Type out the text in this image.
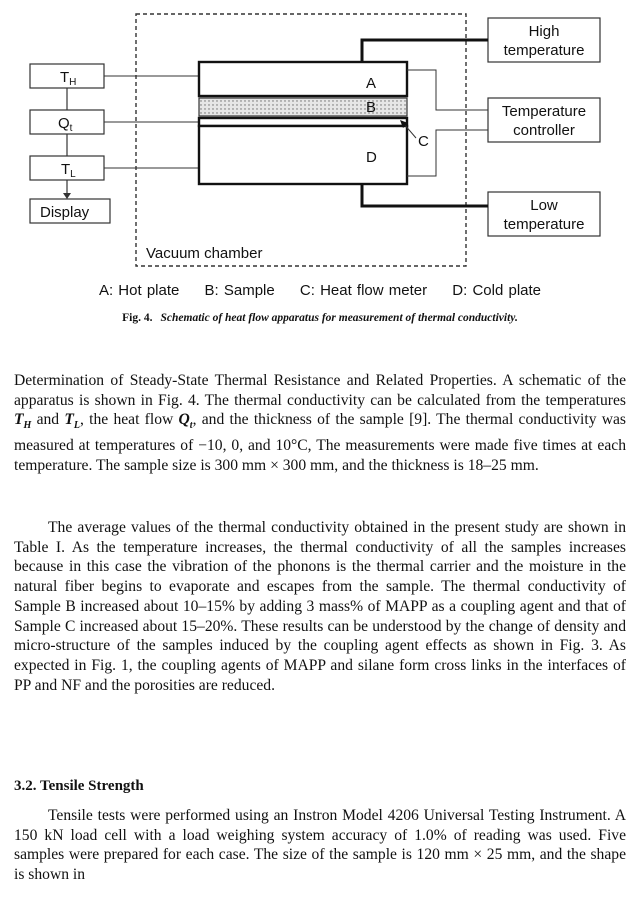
$T_H$
$Q_t$
$T_L$
Display
A
B
C
D
High
temperature
Temperature
controller
Low
temperature
Vacuum chamber
A: Hot plate B: Sample C: Heat flow meter D: Cold plate
Fig. 4. Schematic of heat flow apparatus for measurement of thermal conductivity.

Determination of Steady-State Thermal Resistance and Related Properties. A schematic of the apparatus is shown in Fig. 4. The thermal conductivity can be calculated from the temperatures $T_H$ and $T_L$, the heat flow $Q_t$, and the thickness of the sample [9]. The thermal conductivity was measured at temperatures of −10, 0, and 10°C, The measurements were made five times at each temperature. The sample size is 300 mm × 300 mm, and the thickness is 18–25 mm.

The average values of the thermal conductivity obtained in the present study are shown in Table I. As the temperature increases, the thermal conductivity of all the samples increases because in this case the vibration of the phonons is the thermal carrier and the moisture in the natural fiber begins to evaporate and escapes from the sample. The thermal conductivity of Sample B increased about 10–15% by adding 3 mass% of MAPP as a coupling agent and that of Sample C increased about 15–20%. These results can be understood by the change of density and micro-structure of the samples induced by the coupling agent effects as shown in Fig. 3. As expected in Fig. 1, the coupling agents of MAPP and silane form cross links in the interfaces of PP and NF and the porosities are reduced.

3.2. Tensile Strength

Tensile tests were performed using an Instron Model 4206 Universal Testing Instrument. A 150 kN load cell with a load weighing system accuracy of 1.0% of reading was used. Five samples were prepared for each case. The size of the sample is 120 mm × 25 mm, and the shape is shown in
